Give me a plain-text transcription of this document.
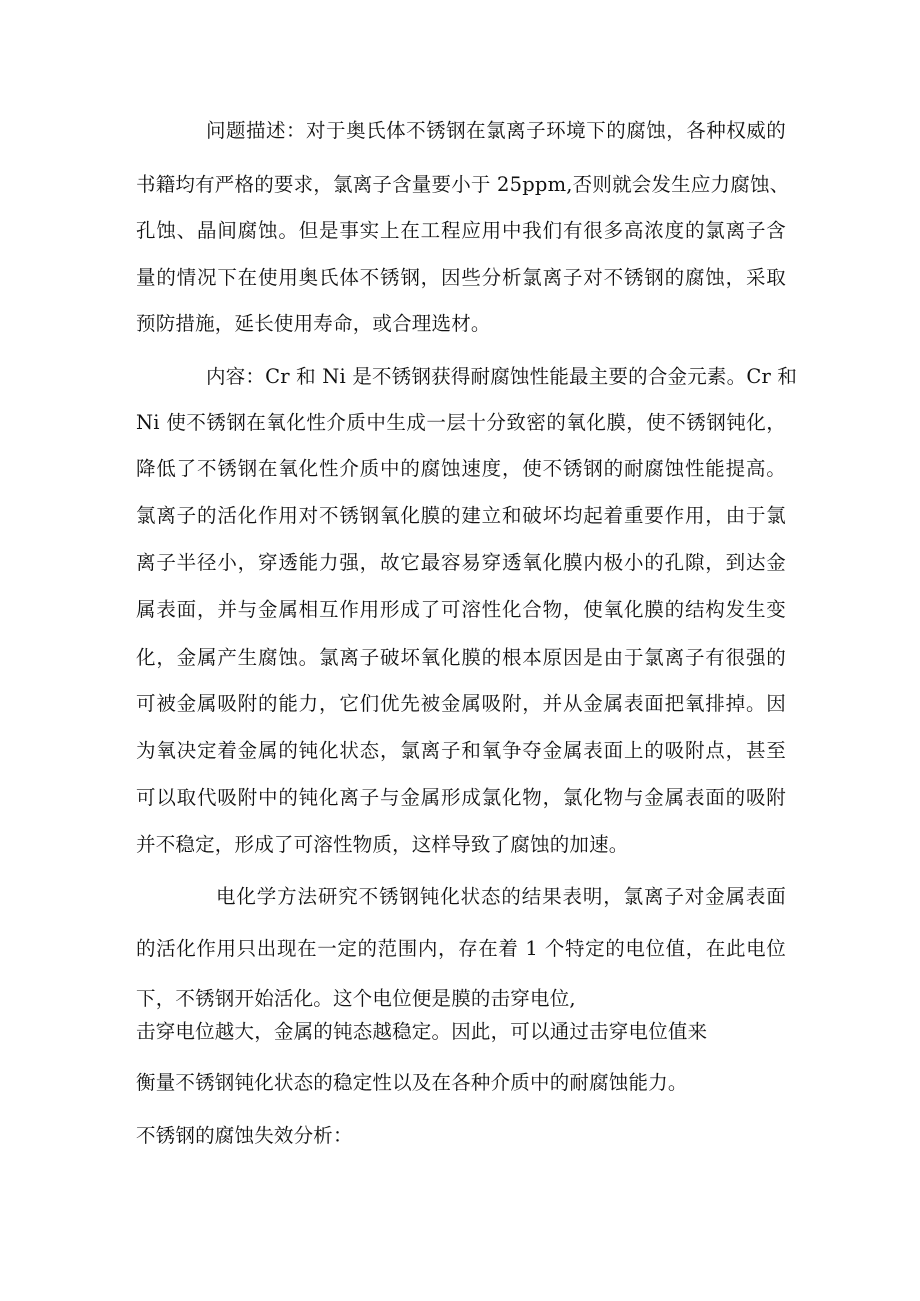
问题描述：对于奥氏体不锈钢在氯离子环境下的腐蚀，各种权威的
书籍均有严格的要求，氯离子含量要小于 25ppm,否则就会发生应力腐蚀、
孔蚀、晶间腐蚀。但是事实上在工程应用中我们有很多高浓度的氯离子含
量的情况下在使用奥氏体不锈钢，因些分析氯离子对不锈钢的腐蚀，采取
预防措施，延长使用寿命，或合理选材。
内容：Cr 和 Ni 是不锈钢获得耐腐蚀性能最主要的合金元素。Cr 和
Ni 使不锈钢在氧化性介质中生成一层十分致密的氧化膜，使不锈钢钝化，
降低了不锈钢在氧化性介质中的腐蚀速度，使不锈钢的耐腐蚀性能提高。
氯离子的活化作用对不锈钢氧化膜的建立和破坏均起着重要作用，由于氯
离子半径小，穿透能力强，故它最容易穿透氧化膜内极小的孔隙，到达金
属表面，并与金属相互作用形成了可溶性化合物，使氧化膜的结构发生变
化，金属产生腐蚀。氯离子破坏氧化膜的根本原因是由于氯离子有很强的
可被金属吸附的能力，它们优先被金属吸附，并从金属表面把氧排掉。因
为氧决定着金属的钝化状态，氯离子和氧争夺金属表面上的吸附点，甚至
可以取代吸附中的钝化离子与金属形成氯化物，氯化物与金属表面的吸附
并不稳定，形成了可溶性物质，这样导致了腐蚀的加速。
电化学方法研究不锈钢钝化状态的结果表明，氯离子对金属表面
的活化作用只出现在一定的范围内，存在着 1 个特定的电位值，在此电位
下，不锈钢开始活化。这个电位便是膜的击穿电位,
击穿电位越大，金属的钝态越稳定。因此，可以通过击穿电位值来
衡量不锈钢钝化状态的稳定性以及在各种介质中的耐腐蚀能力。
不锈钢的腐蚀失效分析：
